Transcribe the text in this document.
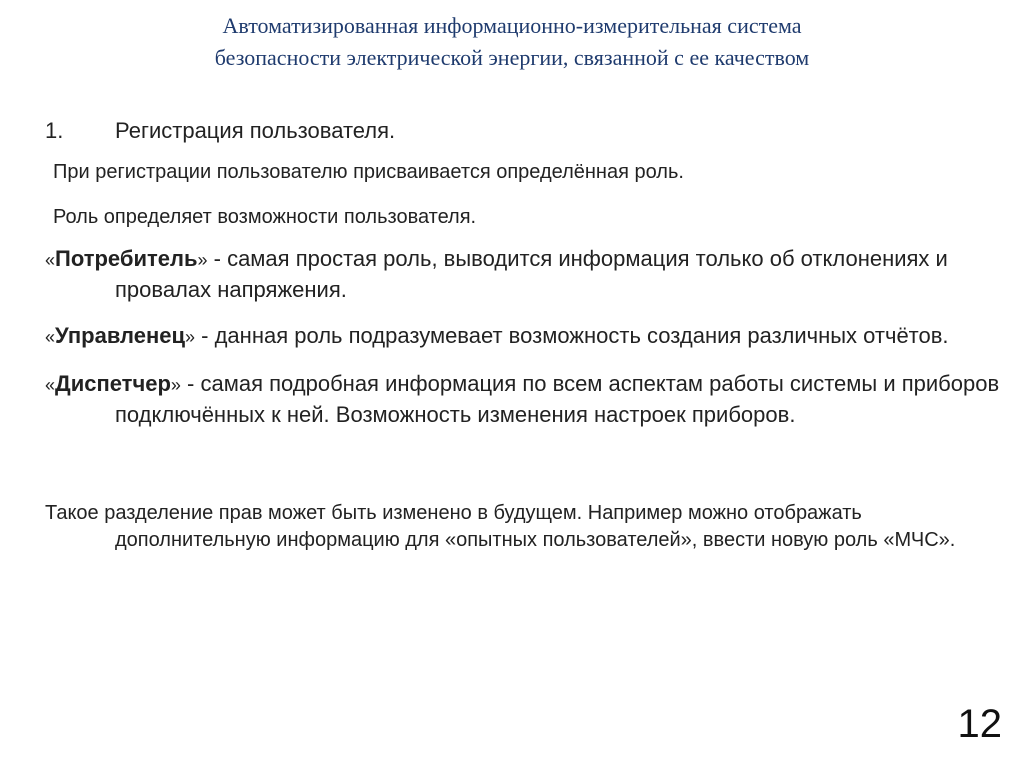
Автоматизированная информационно-измерительная система
безопасности электрической энергии, связанной с ее качеством
1.	Регистрация пользователя.
При регистрации пользователю присваивается определённая роль.
Роль определяет возможности пользователя.
«Потребитель» - самая простая роль, выводится информация только об отклонениях и провалах напряжения.
«Управленец» - данная роль подразумевает возможность создания различных отчётов.
«Диспетчер» - самая подробная информация по всем аспектам работы системы и приборов подключённых к ней. Возможность изменения настроек приборов.
Такое разделение прав может быть изменено в будущем. Например можно отображать дополнительную информацию для «опытных пользователей», ввести новую роль «МЧС».
12
